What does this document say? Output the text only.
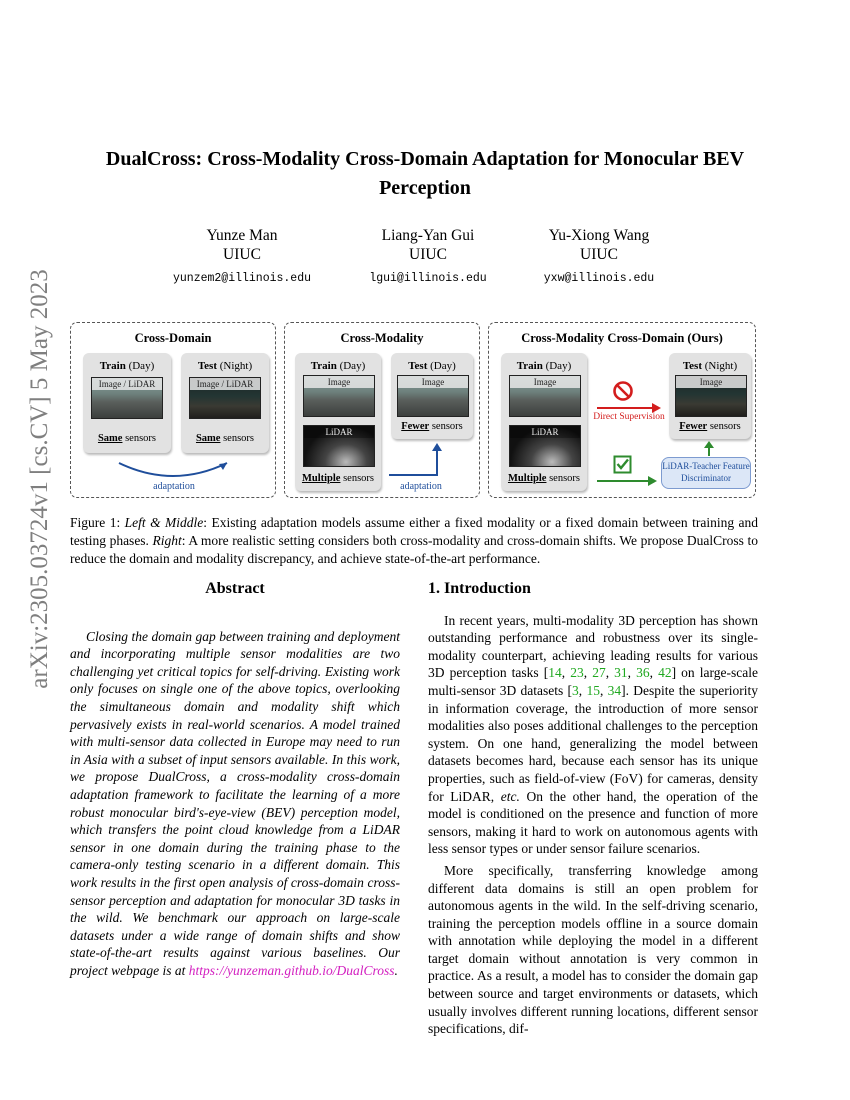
arXiv:2305.03724v1 [cs.CV] 5 May 2023
DualCross: Cross-Modality Cross-Domain Adaptation for Monocular BEV Perception
Yunze Man
UIUC
yunzem2@illinois.edu
Liang-Yan Gui
UIUC
lgui@illinois.edu
Yu-Xiong Wang
UIUC
yxw@illinois.edu
Cross-Domain
Train (Day)
Image / LiDAR
Same sensors
Test (Night)
Image / LiDAR
Same sensors
adaptation
Cross-Modality
Train (Day)
Image
LiDAR
Multiple sensors
Test (Day)
Image
Fewer sensors
adaptation
Cross-Modality Cross-Domain (Ours)
Train (Day)
Image
LiDAR
Multiple sensors
Direct Supervision
Test (Night)
Image
Fewer sensors
LiDAR-Teacher Feature Discriminator
Figure 1: Left & Middle: Existing adaptation models assume either a fixed modality or a fixed domain between training and testing phases. Right: A more realistic setting considers both cross-modality and cross-domain shifts. We propose DualCross to reduce the domain and modality discrepancy, and achieve state-of-the-art performance.
Abstract
Closing the domain gap between training and deployment and incorporating multiple sensor modalities are two challenging yet critical topics for self-driving. Existing work only focuses on single one of the above topics, overlooking the simultaneous domain and modality shift which pervasively exists in real-world scenarios. A model trained with multi-sensor data collected in Europe may need to run in Asia with a subset of input sensors available. In this work, we propose DualCross, a cross-modality cross-domain adaptation framework to facilitate the learning of a more robust monocular bird's-eye-view (BEV) perception model, which transfers the point cloud knowledge from a LiDAR sensor in one domain during the training phase to the camera-only testing scenario in a different domain. This work results in the first open analysis of cross-domain cross-sensor perception and adaptation for monocular 3D tasks in the wild. We benchmark our approach on large-scale datasets under a wide range of domain shifts and show state-of-the-art results against various baselines. Our project webpage is at https://yunzeman.github.io/DualCross.
1. Introduction

In recent years, multi-modality 3D perception has shown outstanding performance and robustness over its single-modality counterpart, achieving leading results for various 3D perception tasks [14, 23, 27, 31, 36, 42] on large-scale multi-sensor 3D datasets [3, 15, 34]. Despite the superiority in information coverage, the introduction of more sensor modalities also poses additional challenges to the perception system. On one hand, generalizing the model between datasets becomes hard, because each sensor has its unique properties, such as field-of-view (FoV) for cameras, density for LiDAR, etc. On the other hand, the operation of the model is conditioned on the presence and function of more sensors, making it hard to work on autonomous agents with less sensor types or under sensor failure scenarios.

More specifically, transferring knowledge among different data domains is still an open problem for autonomous agents in the wild. In the self-driving scenario, training the perception models offline in a source domain with annotation while deploying the model in a different target domain without annotation is very common in practice. As a result, a model has to consider the domain gap between source and target environments or datasets, which usually involves different running locations, different sensor specifications, dif-
